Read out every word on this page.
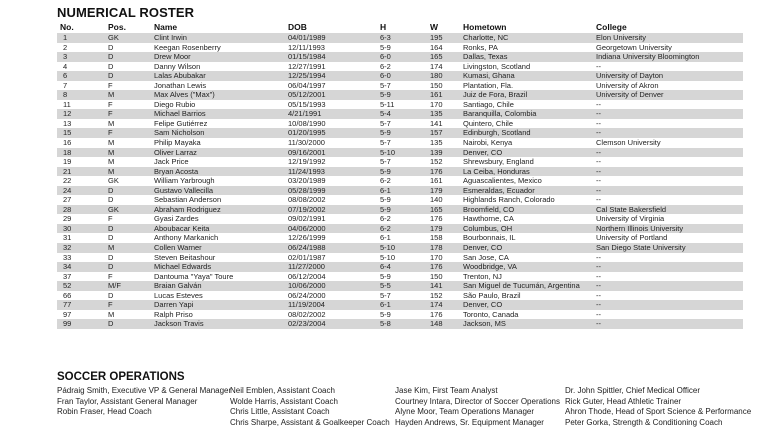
NUMERICAL ROSTER
No.	Pos.	Name	DOB	H	W	Hometown	College
1	GK	Clint Irwin	04/01/1989	6-3	195	Charlotte, NC	Elon University
2	D	Keegan Rosenberry	12/11/1993	5-9	164	Ronks, PA	Georgetown University
3	D	Drew Moor	01/15/1984	6-0	165	Dallas, Texas	Indiana University Bloomington
4	D	Danny Wilson	12/27/1991	6-2	174	Livingston, Scotland	--
6	D	Lalas Abubakar	12/25/1994	6-0	180	Kumasi, Ghana	University of Dayton
7	F	Jonathan Lewis	06/04/1997	5-7	150	Plantation, Fla.	University of Akron
8	M	Max Alves ("Max")	05/12/2001	5-9	161	Juiz de Fora, Brazil	University of Denver
11	F	Diego Rubio	05/15/1993	5-11	170	Santiago, Chile	--
12	F	Michael Barrios	4/21/1991	5-4	135	Baranquilla, Colombia	--
13	M	Felipe Gutiérrez	10/08/1990	5-7	141	Quintero, Chile	--
15	F	Sam Nicholson	01/20/1995	5-9	157	Edinburgh, Scotland	--
16	M	Philip Mayaka	11/30/2000	5-7	135	Nairobi, Kenya	Clemson University
18	M	Oliver Larraz	09/16/2001	5-10	139	Denver, CO	--
19	M	Jack Price	12/19/1992	5-7	152	Shrewsbury, England	--
21	M	Bryan Acosta	11/24/1993	5-9	176	La Ceiba, Honduras	--
22	GK	William Yarbrough	03/20/1989	6-2	161	Aguascalientes, Mexico	--
24	D	Gustavo Vallecilla	05/28/1999	6-1	179	Esmeraldas, Ecuador	--
27	D	Sebastian Anderson	08/08/2002	5-9	140	Highlands Ranch, Colorado	--
28	GK	Abraham Rodriguez	07/19/2002	5-9	165	Broomfield, CO	Cal State Bakersfield
29	F	Gyasi Zardes	09/02/1991	6-2	176	Hawthorne, CA	University of Virginia
30	D	Aboubacar Keita	04/06/2000	6-2	179	Columbus, OH	Northern Illinois University
31	D	Anthony Markanich	12/26/1999	6-1	158	Bourbonnais, IL	University of Portland
32	M	Collen Warner	06/24/1988	5-10	178	Denver, CO	San Diego State University
33	D	Steven Beitashour	02/01/1987	5-10	170	San Jose, CA	--
34	D	Michael Edwards	11/27/2000	6-4	176	Woodbridge, VA	--
37	F	Dantouma "Yaya" Toure	06/12/2004	5-9	150	Trenton, NJ	--
52	M/F	Braian Galván	10/06/2000	5-5	141	San Miguel de Tucumán, Argentina	--
66	D	Lucas Esteves	06/24/2000	5-7	152	São Paulo, Brazil	--
77	F	Darren Yapi	11/19/2004	6-1	174	Denver, CO	--
97	M	Ralph Priso	08/02/2002	5-9	176	Toronto, Canada	--
99	D	Jackson Travis	02/23/2004	5-8	148	Jackson, MS	--
SOCCER OPERATIONS
Pádraig Smith, Executive VP & General Manager
Fran Taylor, Assistant General Manager
Robin Fraser, Head Coach
Neil Emblen, Assistant Coach
Wolde Harris, Assistant Coach
Chris Little, Assistant Coach
Chris Sharpe, Assistant & Goalkeeper Coach
Jase Kim, First Team Analyst
Courtney Intara, Director of Soccer Operations
Alyne Moor, Team Operations Manager
Hayden Andrews, Sr. Equipment Manager
Dr. John Spittler, Chief Medical Officer
Rick Guter, Head Athletic Trainer
Ahron Thode, Head of Sport Science & Performance
Peter Gorka, Strength & Conditioning Coach
